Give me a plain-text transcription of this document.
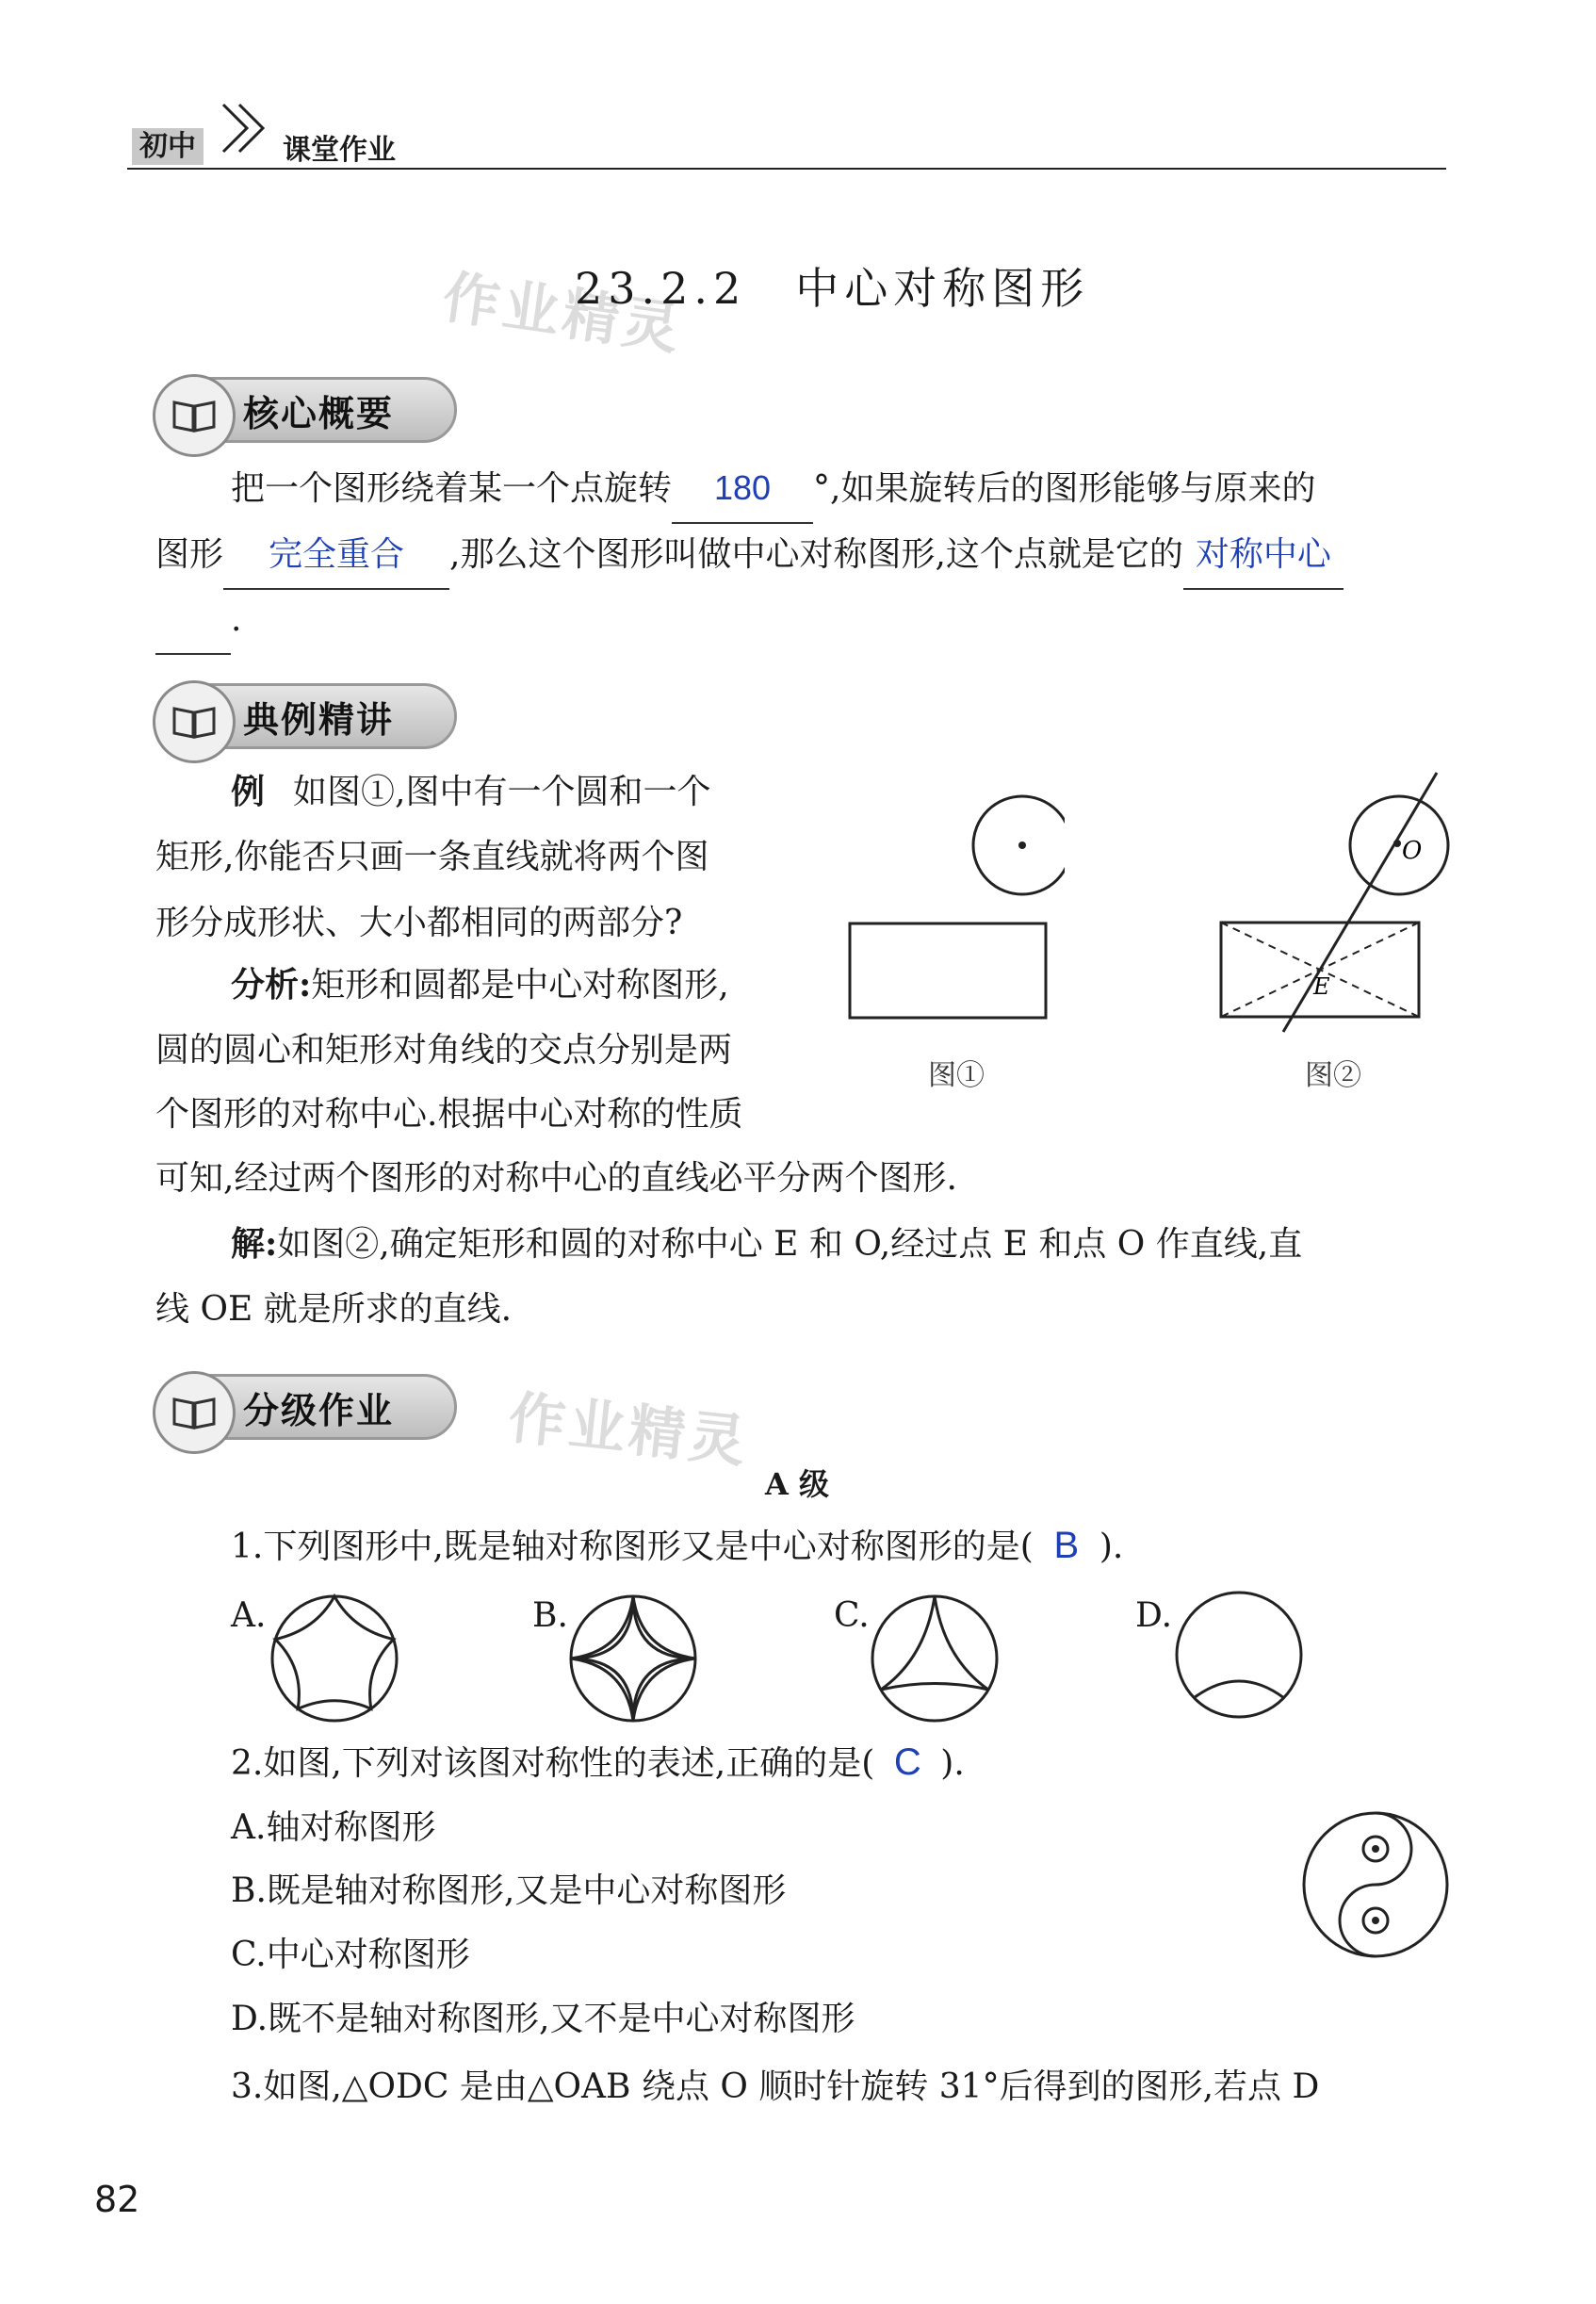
初中	课堂作业
作业精灵
23.2.2　中心对称图形
核心概要
把一个图形绕着某一个点旋转 180 °,如果旋转后的图形能够与原来的
图形 完全重合 ,那么这个图形叫做中心对称图形,这个点就是它的 对称中心
.
典例精讲
例 如图①,图中有一个圆和一个
矩形,你能否只画一条直线就将两个图
形分成形状、大小都相同的两部分?
分析:矩形和圆都是中心对称图形,
圆的圆心和矩形对角线的交点分别是两
个图形的对称中心.根据中心对称的性质
可知,经过两个图形的对称中心的直线必平分两个图形.
解:如图②,确定矩形和圆的对称中心 E 和 O,经过点 E 和点 O 作直线,直
线 OE 就是所求的直线.
图①
O
E
图②
分级作业 作业精灵
A 级
1.下列图形中,既是轴对称图形又是中心对称图形的是( B ).
A.	B.	C.	D.
2.如图,下列对该图对称性的表述,正确的是( C ).
A.轴对称图形
B.既是轴对称图形,又是中心对称图形
C.中心对称图形
D.既不是轴对称图形,又不是中心对称图形
3.如图,△ODC 是由△OAB 绕点 O 顺时针旋转 31°后得到的图形,若点 D
82
